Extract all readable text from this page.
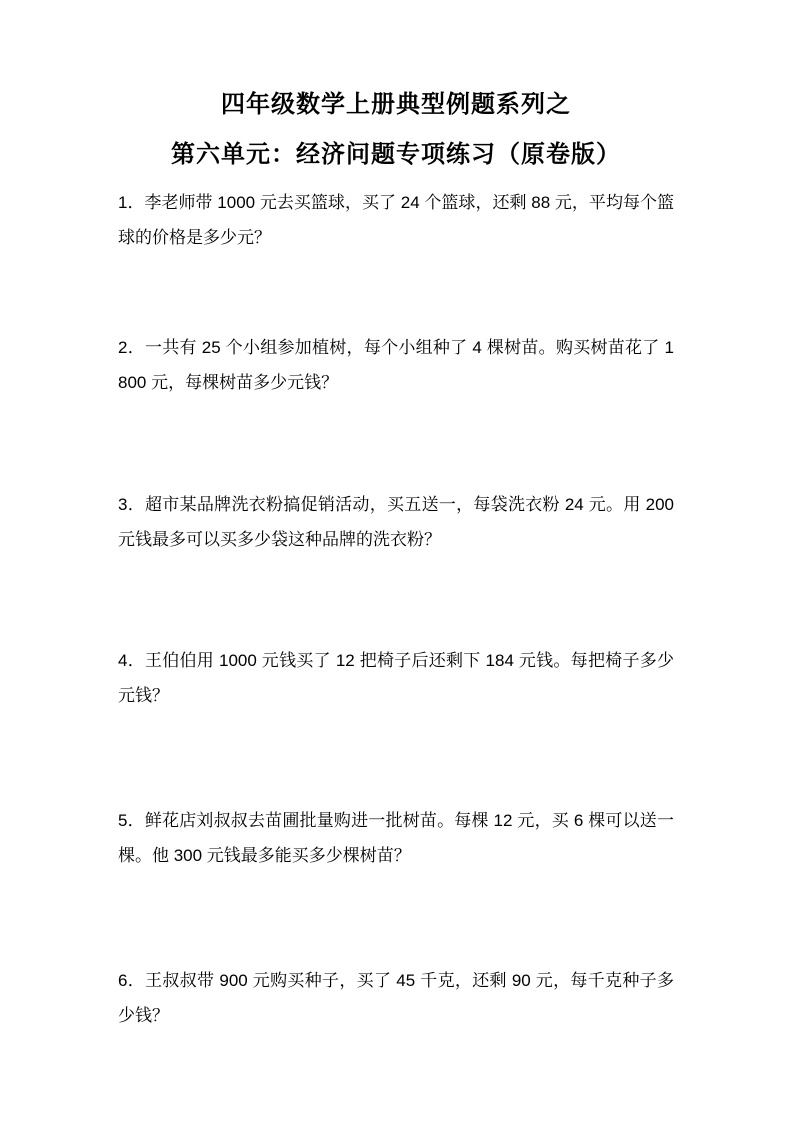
四年级数学上册典型例题系列之
第六单元：经济问题专项练习（原卷版）

1．李老师带 1000 元去买篮球，买了 24 个篮球，还剩 88 元，平均每个篮球的价格是多少元？

2．一共有 25 个小组参加植树，每个小组种了 4 棵树苗。购买树苗花了 1800 元，每棵树苗多少元钱？

3．超市某品牌洗衣粉搞促销活动，买五送一，每袋洗衣粉 24 元。用 200 元钱最多可以买多少袋这种品牌的洗衣粉？

4．王伯伯用 1000 元钱买了 12 把椅子后还剩下 184 元钱。每把椅子多少元钱？

5．鲜花店刘叔叔去苗圃批量购进一批树苗。每棵 12 元，买 6 棵可以送一棵。他 300 元钱最多能买多少棵树苗？

6．王叔叔带 900 元购买种子，买了 45 千克，还剩 90 元，每千克种子多少钱？
